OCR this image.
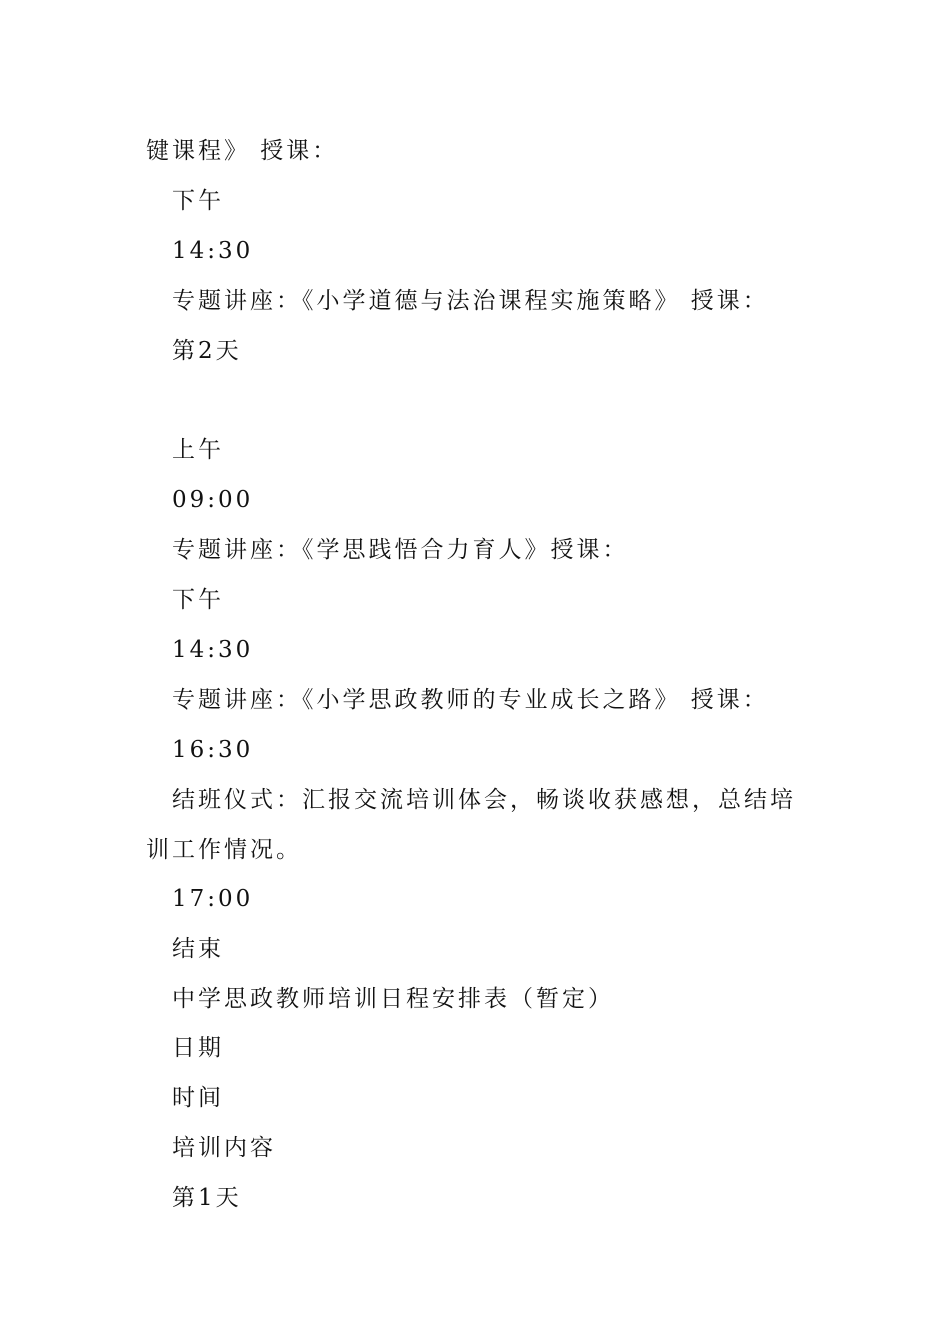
键课程》 授课：
下午
14:30
专题讲座：《小学道德与法治课程实施策略》 授课：
第2天
上午
09:00
专题讲座：《学思践悟合力育人》授课：
下午
14:30
专题讲座：《小学思政教师的专业成长之路》 授课：
16:30
结班仪式：汇报交流培训体会，畅谈收获感想，总结培
训工作情况。
17:00
结束
中学思政教师培训日程安排表（暂定）
日期
时间
培训内容
第1天
